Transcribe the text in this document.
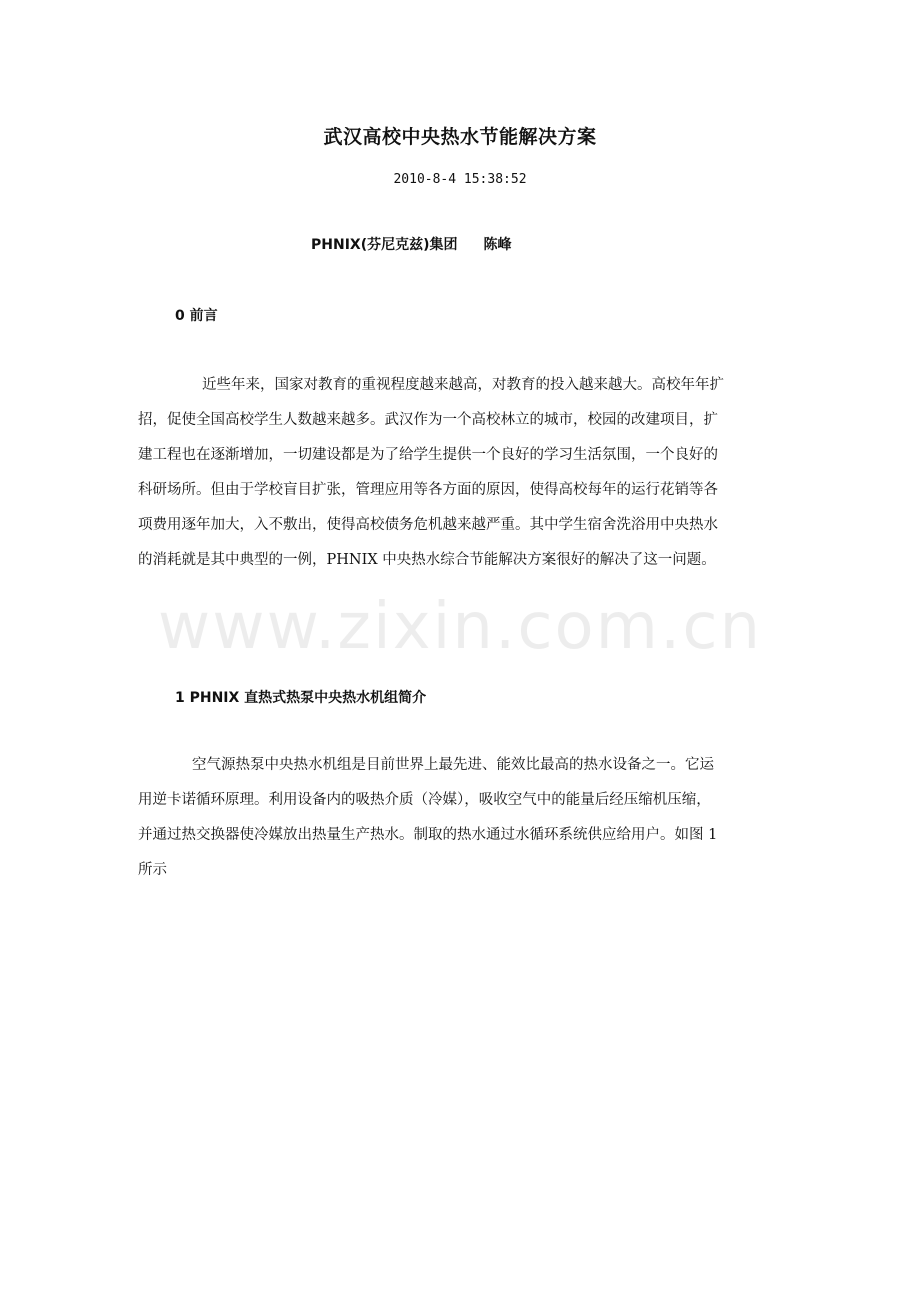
www.zixin.com.cn
武汉高校中央热水节能解决方案

2010-8-4 15:38:52

PHNIX(芬尼克兹)集团 陈峰

0 前言
近些年来，国家对教育的重视程度越来越高，对教育的投入越来越大。高校年年扩
招，促使全国高校学生人数越来越多。武汉作为一个高校林立的城市，校园的改建项目，扩
建工程也在逐渐增加，一切建设都是为了给学生提供一个良好的学习生活氛围，一个良好的
科研场所。但由于学校盲目扩张，管理应用等各方面的原因，使得高校每年的运行花销等各
项费用逐年加大，入不敷出，使得高校债务危机越来越严重。其中学生宿舍洗浴用中央热水
的消耗就是其中典型的一例，PHNIX 中央热水综合节能解决方案很好的解决了这一问题。
1 PHNIX 直热式热泵中央热水机组简介
空气源热泵中央热水机组是目前世界上最先进、能效比最高的热水设备之一。它运
用逆卡诺循环原理。利用设备内的吸热介质（冷媒），吸收空气中的能量后经压缩机压缩，
并通过热交换器使冷媒放出热量生产热水。制取的热水通过水循环系统供应给用户。如图 1
所示
